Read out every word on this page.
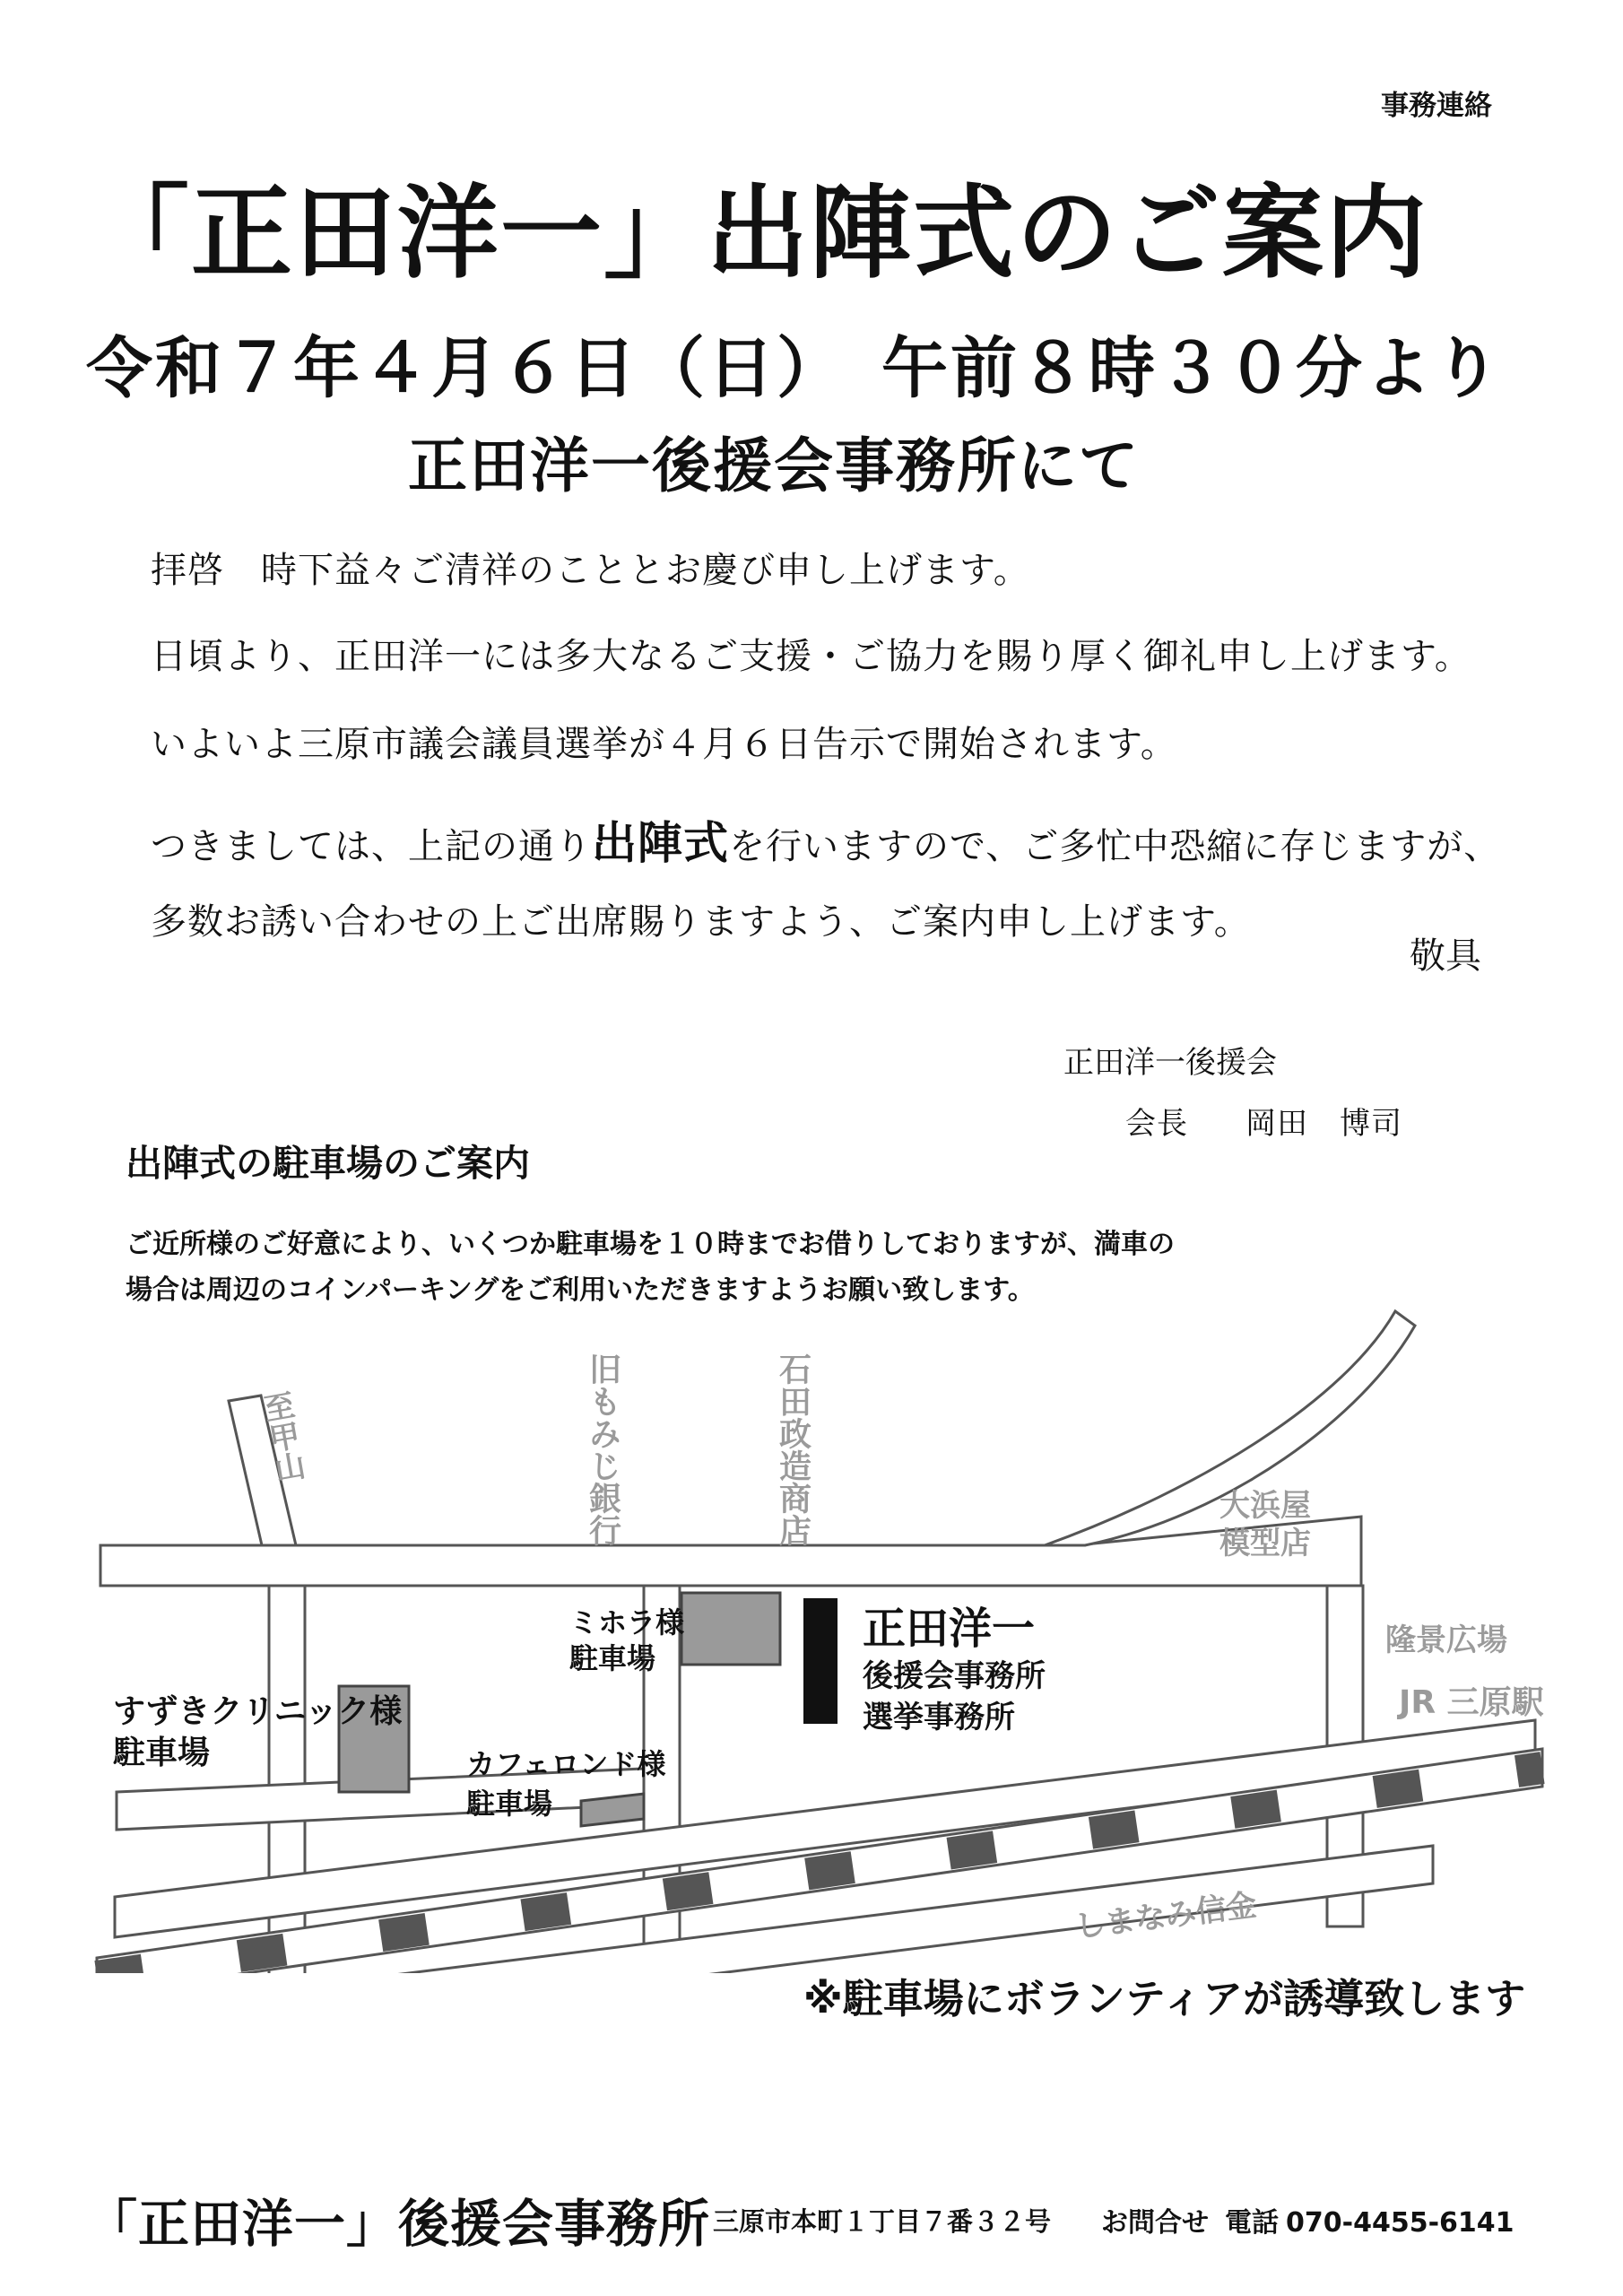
事務連絡
「正田洋一」出陣式のご案内
令和７年４月６日（日）　午前８時３０分より
正田洋一後援会事務所にて
拝啓　時下益々ご清祥のこととお慶び申し上げます。
日頃より、正田洋一には多大なるご支援・ご協力を賜り厚く御礼申し上げます。
いよいよ三原市議会議員選挙が４月６日告示で開始されます。
つきましては、上記の通り出陣式を行いますので、ご多忙中恐縮に存じますが、
多数お誘い合わせの上ご出席賜りますよう、ご案内申し上げます。
敬具
正田洋一後援会
会長 岡田　博司
出陣式の駐車場のご案内
ご近所様のご好意により、いくつか駐車場を１０時までお借りしておりますが、満車の
場合は周辺のコインパーキングをご利用いただきますようお願い致します。
至甲山	旧もみじ銀行	石田政造商店	大浜屋
模型店
隆景広場
JR 三原駅
しまなみ信金
ミホラ様
駐車場
すずきクリニック様
駐車場	カフェロンド様
駐車場
正田洋一
後援会事務所
選挙事務所
※駐車場にボランティアが誘導致します
「正田洋一」後援会事務所 三原市本町１丁目７番３２号 お問合せ 電話 070-4455-6141
